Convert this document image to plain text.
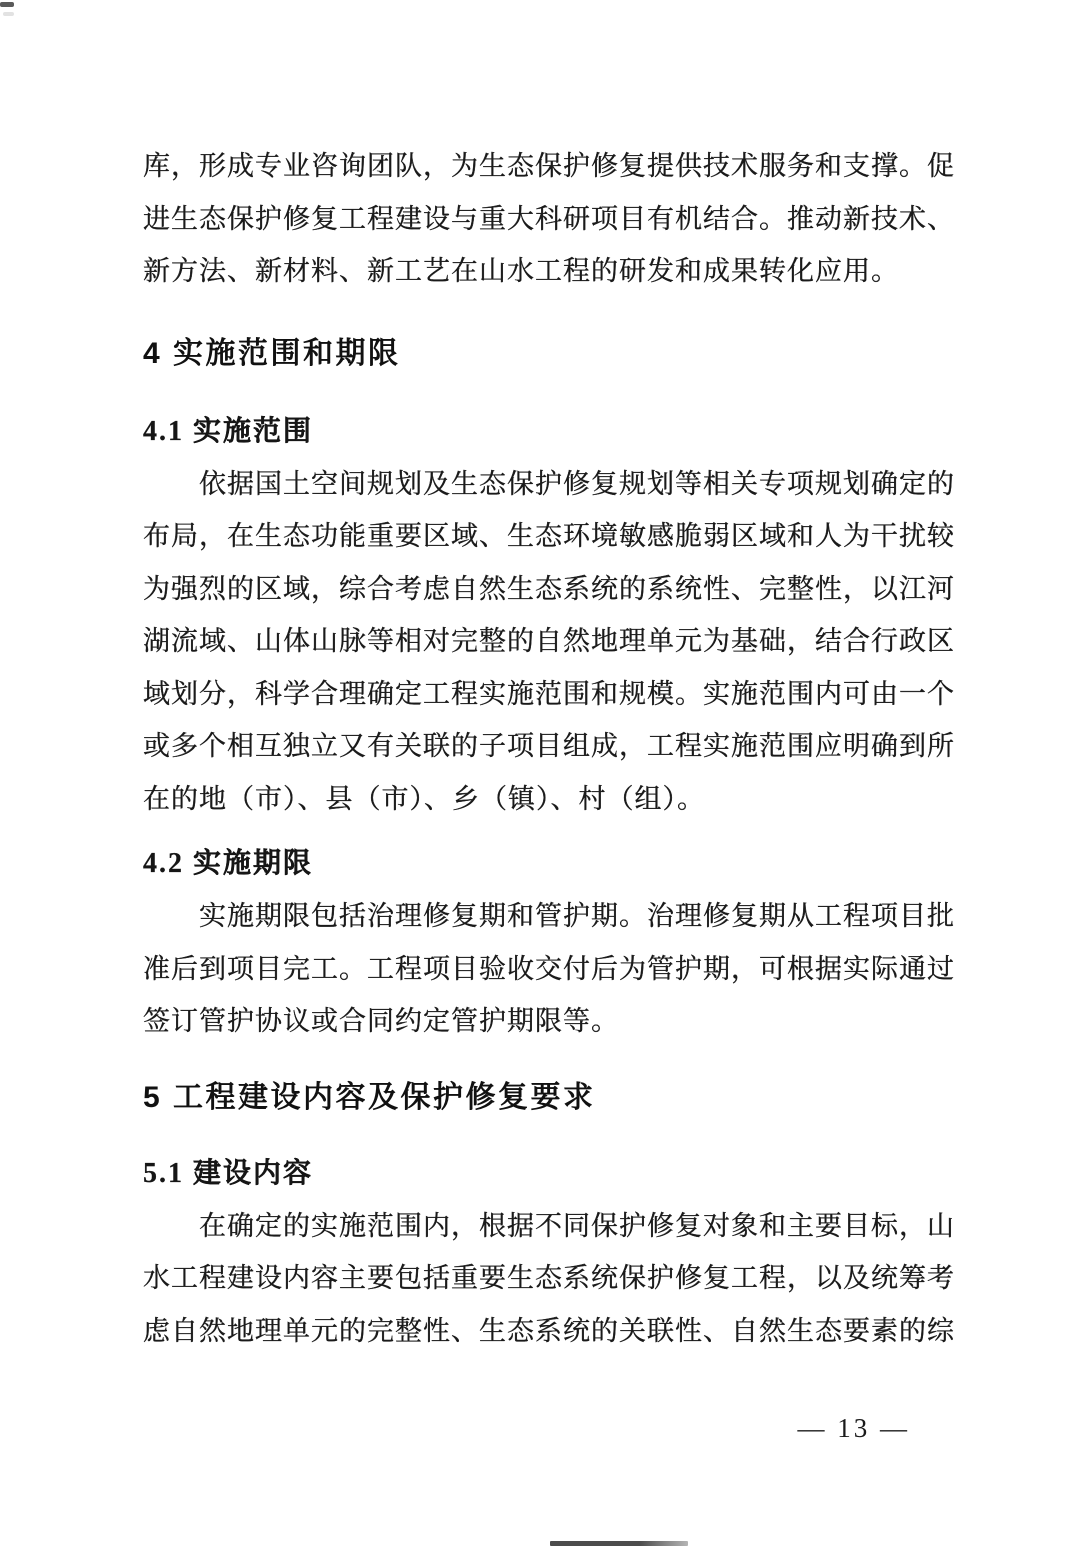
库，形成专业咨询团队，为生态保护修复提供技术服务和支撑。促
进生态保护修复工程建设与重大科研项目有机结合。推动新技术、
新方法、新材料、新工艺在山水工程的研发和成果转化应用。
4 实施范围和期限
4.1 实施范围
依据国土空间规划及生态保护修复规划等相关专项规划确定的
布局，在生态功能重要区域、生态环境敏感脆弱区域和人为干扰较
为强烈的区域，综合考虑自然生态系统的系统性、完整性，以江河
湖流域、山体山脉等相对完整的自然地理单元为基础，结合行政区
域划分，科学合理确定工程实施范围和规模。实施范围内可由一个
或多个相互独立又有关联的子项目组成，工程实施范围应明确到所
在的地（市）、县（市）、乡（镇）、村（组）。
4.2 实施期限
实施期限包括治理修复期和管护期。治理修复期从工程项目批
准后到项目完工。工程项目验收交付后为管护期，可根据实际通过
签订管护协议或合同约定管护期限等。
5 工程建设内容及保护修复要求
5.1 建设内容
在确定的实施范围内，根据不同保护修复对象和主要目标，山
水工程建设内容主要包括重要生态系统保护修复工程，以及统筹考
虑自然地理单元的完整性、生态系统的关联性、自然生态要素的综
— 13 —
